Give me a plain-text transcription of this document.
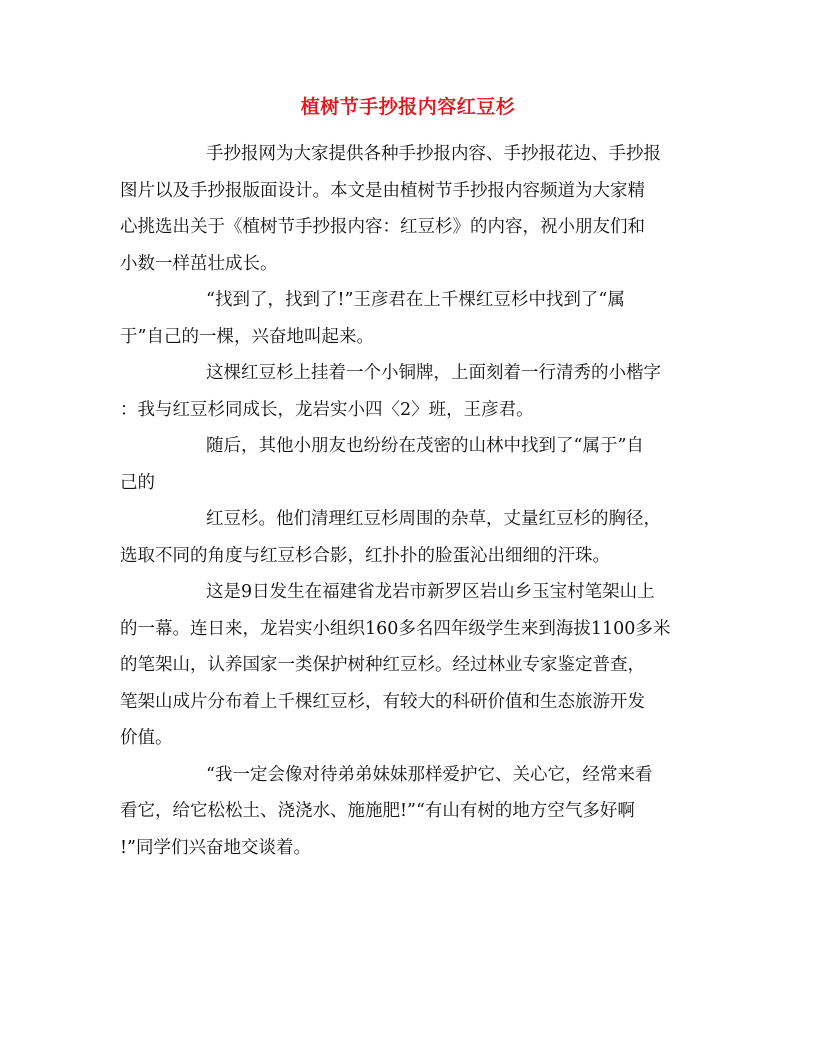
植树节手抄报内容红豆杉
手抄报网为大家提供各种手抄报内容、手抄报花边、手抄报
图片以及手抄报版面设计。本文是由植树节手抄报内容频道为大家精
心挑选出关于《植树节手抄报内容：红豆杉》的内容，祝小朋友们和
小数一样茁壮成长。
“找到了，找到了!”王彦君在上千棵红豆杉中找到了“属
于”自己的一棵，兴奋地叫起来。
这棵红豆杉上挂着一个小铜牌，上面刻着一行清秀的小楷字
：我与红豆杉同成长，龙岩实小四〈2〉班，王彦君。
随后，其他小朋友也纷纷在茂密的山林中找到了“属于”自
己的
红豆杉。他们清理红豆杉周围的杂草，丈量红豆杉的胸径，
选取不同的角度与红豆杉合影，红扑扑的脸蛋沁出细细的汗珠。
这是9日发生在福建省龙岩市新罗区岩山乡玉宝村笔架山上
的一幕。连日来，龙岩实小组织160多名四年级学生来到海拔1100多米
的笔架山，认养国家一类保护树种红豆杉。经过林业专家鉴定普查，
笔架山成片分布着上千棵红豆杉，有较大的科研价值和生态旅游开发
价值。
“我一定会像对待弟弟妹妹那样爱护它、关心它，经常来看
看它，给它松松土、浇浇水、施施肥!”“有山有树的地方空气多好啊
!”同学们兴奋地交谈着。
